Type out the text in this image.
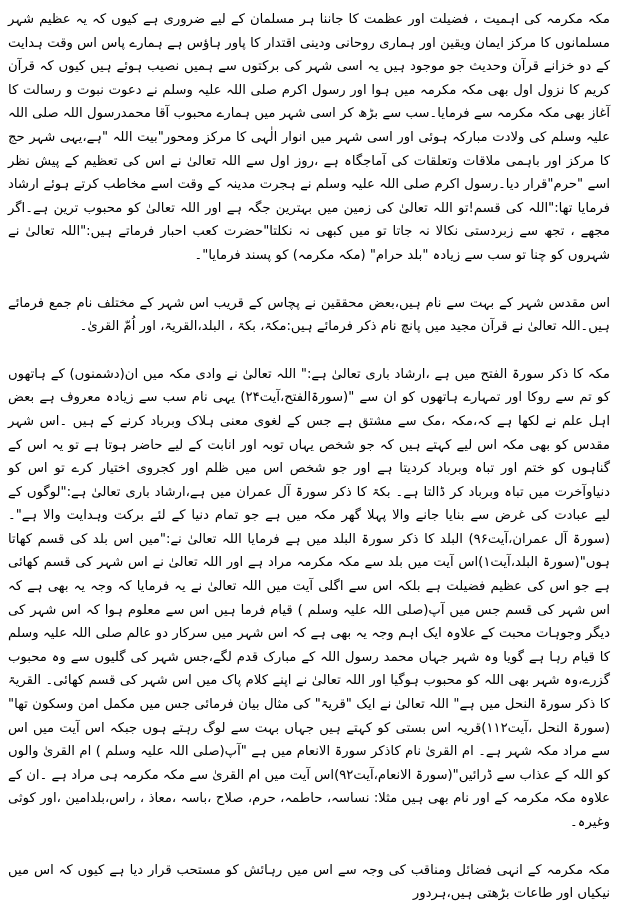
مکہ مکرمہ کی اہمیت ، فضیلت اور عظمت کا جاننا ہر مسلمان کے لیے ضروری ہے کیوں کہ یہ عظیم شہر مسلمانوں کا مرکز ایمان ویقین اور ہماری روحانی ودینی اقتدار کا پاور ہاؤس ہے ہمارے پاس اس وقت ہدایت کے دو خزانے قرآن وحدیث جو موجود ہیں یہ اسی شہر کی برکتوں سے ہمیں نصیب ہوئے ہیں کیوں کہ قرآن کریم کا نزول اول بھی مکہ مکرمہ میں ہوا اور رسول اکرم صلی اللہ علیہ وسلم نے دعوت نبوت و رسالت کا آغاز بھی مکہ مکرمہ سے فرمایا۔سب سے بڑھ کر اسی شہر میں ہمارے محبوب آقا محمدرسول اللہ صلی اللہ علیہ وسلم کی ولادت مبارکہ ہوئی اور اسی شہر میں انوار الٰہی کا مرکز ومحور"بیت اللہ "ہے،یہی شہر حج کا مرکز اور باہمی ملاقات وتعلقات کی آماجگاہ ہے ،روز اول سے اللہ تعالیٰ نے اس کی تعظیم کے پیش نظر اسے "حرم"قرار دیا۔رسول اکرم صلی اللہ علیہ وسلم نے ہجرت مدینہ کے وقت اسے مخاطب کرتے ہوئے ارشاد فرمایا تھا:"اللہ کی قسم!تو اللہ تعالیٰ کی زمین میں بہترین جگہ ہے اور اللہ تعالیٰ کو محبوب ترین ہے۔اگر مجھے ، تجھ سے زبردستی نکالا نہ جاتا تو میں کبھی نہ نکلتا"حضرت کعب احبار فرماتے ہیں:"اللہ تعالیٰ نے شہروں کو چنا تو سب سے زیادہ "بلد حرام" (مکہ مکرمہ) کو پسند فرمایا"۔

اس مقدس شہر کے بہت سے نام ہیں،بعض محققین نے پچاس کے قریب اس شہر کے مختلف نام جمع فرمائے ہیں۔اللہ تعالیٰ نے قرآن مجید میں پانچ نام ذکر فرمائے ہیں:مکۃ، بکۃ ، البلد،القریۃ، اور اُمّ القریٰ۔

مکہ کا ذکر سورۃ الفتح میں ہے ،ارشاد باری تعالیٰ ہے:" اللہ تعالیٰ نے وادی مکہ میں ان(دشمنوں) کے ہاتھوں کو تم سے روکا اور تمہارے ہاتھوں کو ان سے "(سورۃالفتح،آیت۲۴) یہی نام سب سے زیادہ معروف ہے بعض اہل علم نے لکھا ہے کہ،مکہ ،مک سے مشتق ہے جس کے لغوی معنی ہلاک وبرباد کرنے کے ہیں ۔اس شہر مقدس کو بھی مکہ اس لیے کہتے ہیں کہ جو شخص یہاں توبہ اور انابت کے لیے حاضر ہوتا ہے تو یہ اس کے گناہوں کو ختم اور تباہ وبرباد کردیتا ہے اور جو شخص اس میں ظلم اور کجروی اختیار کرے تو اس کو دنیاوآخرت میں تباہ وبرباد کر ڈالتا ہے۔ بکۃ کا ذکر سورۃ آل عمران میں ہے،ارشاد باری تعالیٰ ہے:"لوگوں کے لیے عبادت کی غرض سے بنایا جانے والا پہلا گھر مکہ میں ہے جو تمام دنیا کے لئے برکت وہدایت والا ہے"۔(سورۃ آل عمران،آیت۹۶) البلد کا ذکر سورۃ البلد میں ہے فرمایا اللہ تعالیٰ نے:"میں اس بلد کی قسم کھاتا ہوں"(سورۃ البلد،آیت۱)اس آیت میں بلد سے مکہ مکرمہ مراد ہے اور اللہ تعالیٰ نے اس شہر کی قسم کھائی ہے جو اس کی عظیم فضیلت ہے بلکہ اس سے اگلی آیت میں اللہ تعالیٰ نے یہ فرمایا کہ وجہ یہ بھی ہے کہ اس شہر کی قسم جس میں آپ(صلی اللہ علیہ وسلم ) قیام فرما ہیں اس سے معلوم ہوا کہ اس شہر کی دیگر وجوہات محبت کے علاوہ ایک اہم وجہ یہ بھی ہے کہ اس شہر میں سرکار دو عالم صلی اللہ علیہ وسلم کا قیام رہا ہے گویا وہ شہر جہاں محمد رسول اللہ کے مبارک قدم لگے،جس شہر کی گلیوں سے وہ محبوب گزرے،وہ شہر بھی اللہ کو محبوب ہوگیا اور اللہ تعالیٰ نے اپنے کلام پاک میں اس شہر کی قسم کھائی۔ القریۃ کا ذکر سورۃ النحل میں ہے" اللہ تعالیٰ نے ایک "قریۃ" کی مثال بیان فرمائی جس میں مکمل امن وسکون تھا"(سورۃ النحل ،آیت۱۱۲)قریہ اس بستی کو کہتے ہیں جہاں بہت سے لوگ رہتے ہوں جبکہ اس آیت میں اس سے مراد مکہ شہر ہے۔ ام القریٰ نام کاذکر سورۃ الانعام میں ہے "آپ(صلی اللہ علیہ وسلم ) ام القریٰ والوں کو اللہ کے عذاب سے ڈرائیں"(سورۃ الانعام،آیت۹۲)اس آیت میں ام القریٰ سے مکہ مکرمہ ہی مراد ہے ۔ان کے علاوہ مکہ مکرمہ کے اور نام بھی ہیں مثلا: نساسہ، حاطمہ، حرم، صلاح ،باسہ ،معاذ ، راس،بلدامین ،اور کوثی وغیرہ۔

مکہ مکرمہ کے انہی فضائل ومناقب کی وجہ سے اس میں رہائش کو مستحب قرار دیا ہے کیوں کہ اس میں نیکیاں اور طاعات بڑھتی ہیں،ہردور
